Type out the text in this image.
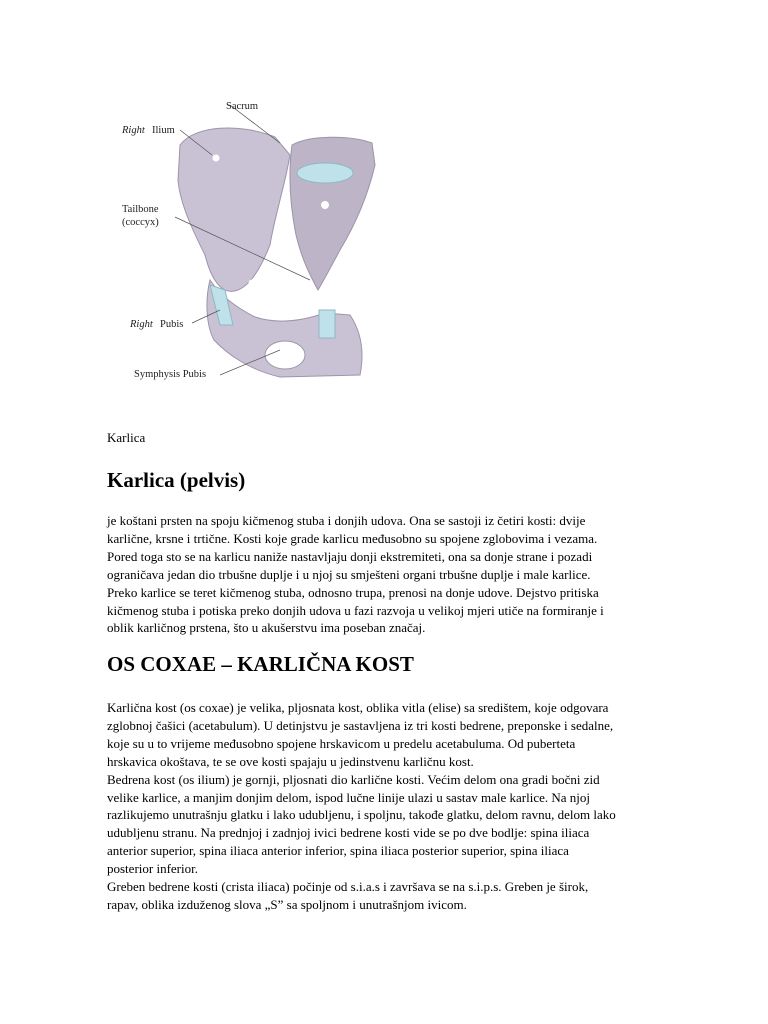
Sacrum
Right Ilium
Tailbone
(coccyx)
Right Pubis
Symphysis Pubis
Karlica
Karlica (pelvis)
je koštani prsten na spoju kičmenog stuba i donjih udova. Ona se sastoji iz četiri kosti: dvije
karlične, krsne i trtične. Kosti koje grade karlicu međusobno su spojene zglobovima i vezama.
Pored toga sto se na karlicu naniže nastavljaju donji ekstremiteti, ona sa donje strane i pozadi
ograničava jedan dio trbušne duplje i u njoj su smješteni organi trbušne duplje i male karlice.
Preko karlice se teret kičmenog stuba, odnosno trupa, prenosi na donje udove. Dejstvo pritiska
kičmenog stuba i potiska preko donjih udova u fazi razvoja u velikoj mjeri utiče na formiranje i
oblik karličnog prstena, što u akušerstvu ima poseban značaj.
OS COXAE – KARLIČNA KOST
Karlična kost (os coxae) je velika, pljosnata kost, oblika vitla (elise) sa središtem, koje odgovara
zglobnoj čašici (acetabulum). U detinjstvu je sastavljena iz tri kosti bedrene, preponske i sedalne,
koje su u to vrijeme međusobno spojene hrskavicom u predelu acetabuluma. Od puberteta
hrskavica okoštava, te se ove kosti spajaju u jedinstvenu karličnu kost.
Bedrena kost (os ilium) je gornji, pljosnati dio karlične kosti. Većim delom ona gradi bočni zid
velike karlice, a manjim donjim delom, ispod lučne linije ulazi u sastav male karlice. Na njoj
razlikujemo unutrašnju glatku i lako udubljenu, i spoljnu, takođe glatku, delom ravnu, delom lako
udubljenu stranu. Na prednjoj i zadnjoj ivici bedrene kosti vide se po dve bodlje: spina iliaca
anterior superior, spina iliaca anterior inferior, spina iliaca posterior superior, spina iliaca
posterior inferior.
Greben bedrene kosti (crista iliaca) počinje od s.i.a.s i završava se na s.i.p.s. Greben je širok,
rapav, oblika izduženog slova „S” sa spoljnom i unutrašnjom ivicom.
